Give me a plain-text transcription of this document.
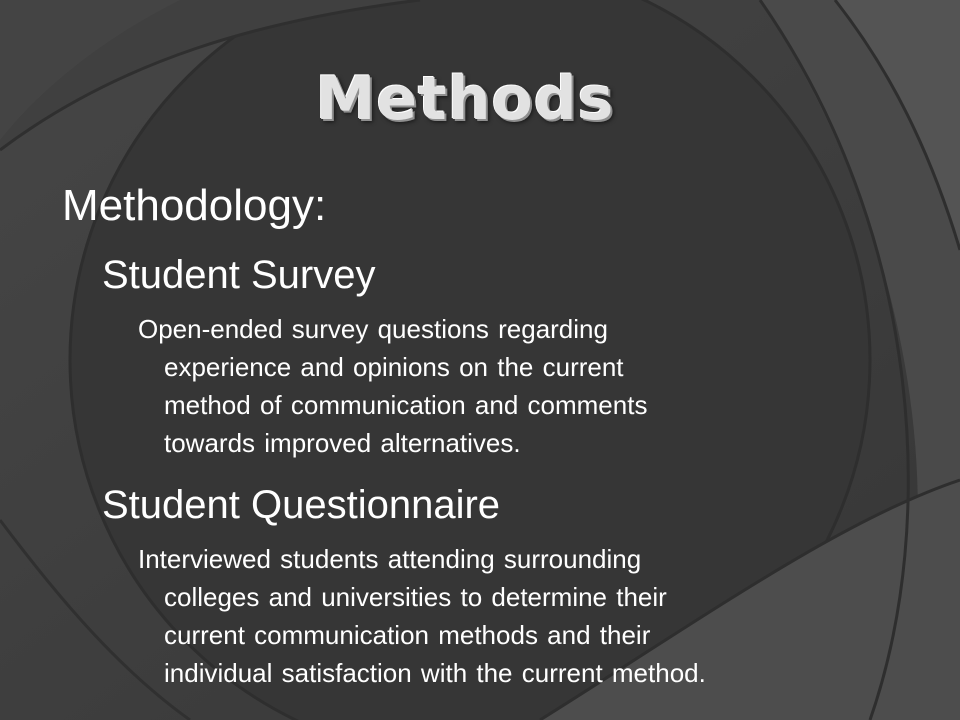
Methods
Methodology:
Student Survey
Open-ended survey questions regarding
experience and opinions on the current
method of communication and comments
towards improved alternatives.
Student Questionnaire
Interviewed students attending surrounding
colleges and universities to determine their
current communication methods and their
individual satisfaction with the current method.
